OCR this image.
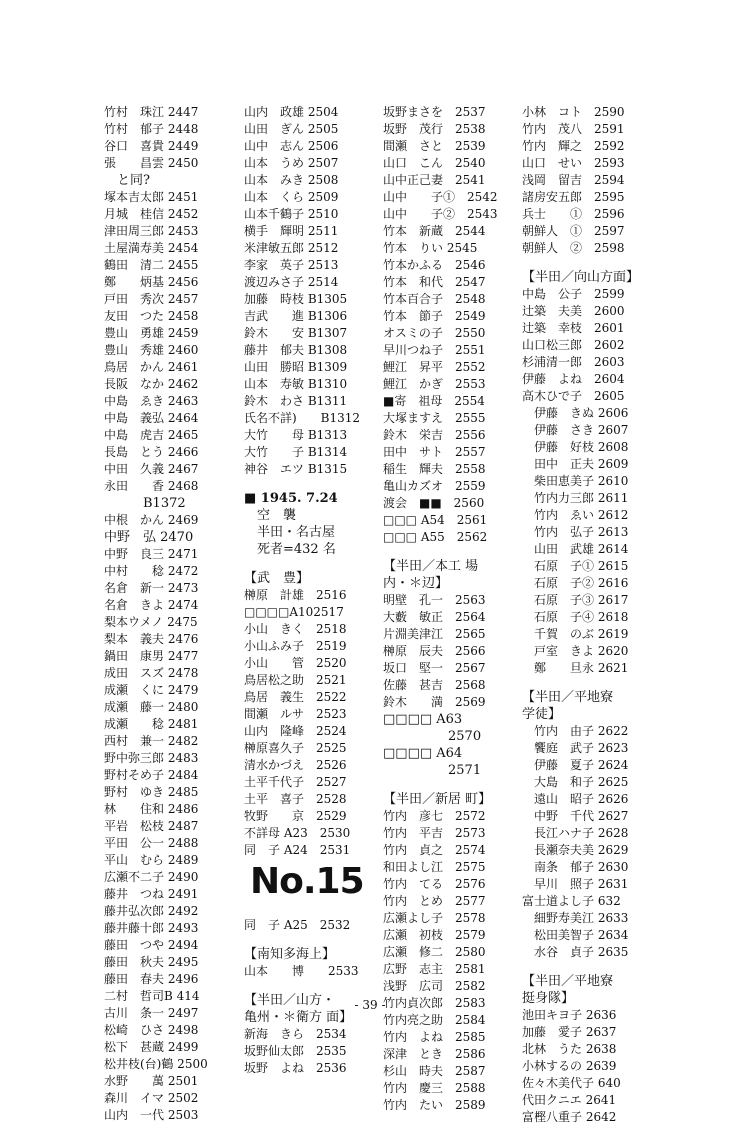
竹村　珠江 2447
竹村　郁子 2448
谷口　喜貴 2449
張　　昌雲 2450
　と同?
塚本吉太郎 2451
月城　桂信 2452
津田周三郎 2453
土屋満寿美 2454
鶴田　清二 2455
鄭　　炳基 2456
戸田　秀次 2457
友田　つた 2458
豊山　勇雄 2459
豊山　秀雄 2460
鳥居　かん 2461
長阪　なか 2462
中島　ゑき 2463
中島　義弘 2464
中島　虎吉 2465
長島　とう 2466
中田　久義 2467
永田　　香 2468
　　　B1372
中根　かん 2469
中野　弘 2470
中野　良三 2471
中村　　稔 2472
名倉　新一 2473
名倉　きよ 2474
梨本ウメノ 2475
梨本　義夫 2476
鍋田　康男 2477
成田　スズ 2478
成瀬　くに 2479
成瀬　藤一 2480
成瀬　　稔 2481
西村　兼一 2482
野中弥三郎 2483
野村そめ子 2484
野村　ゆき 2485
林　　住和 2486
平岩　松枝 2487
平田　公一 2488
平山　むら 2489
広瀬不二子 2490
藤井　つね 2491
藤井弘次郎 2492
藤井藤十郎 2493
藤田　つや 2494
藤田　秋夫 2495
藤田　春夫 2496
二村　哲司B 414
古川　条一 2497
松崎　ひさ 2498
松下　甚蔵 2499
松井枝(台)鶴 2500
水野　　萬 2501
森川　イマ 2502
山内　一代 2503
山内　政雄 2504
山田　ぎん 2505
山中　志ん 2506
山本　うめ 2507
山本　みき 2508
山本　くら 2509
山本千鶴子 2510
横手　輝明 2511
米津敏五郎 2512
李家　英子 2513
渡辺みさ子 2514
加藤　時枝 B1305
吉武　　進 B1306
鈴木　　安 B1307
藤井　郁夫 B1308
山田　勝昭 B1309
山本　寿敏 B1310
鈴木　わさ B1311
氏名不詳)　　B1312
大竹　　母 B1313
大竹　　子 B1314
神谷　エツ B1315
■ 1945. 7.24
　空　襲
　半田・名古屋
　死者=432 名
【武　豊】
榊原　計雄　2516
□□□□A102517
小山　きく　2518
小山ふみ子　2519
小山　　管　2520
鳥居松之助　2521
鳥居　義生　2522
間瀬　ルサ　2523
山内　隆峰　2524
榊原喜久子　2525
清水かづえ　2526
土平千代子　2527
土平　喜子　2528
牧野　　京　2529
不詳母 A23　2530
同　子 A24　2531
No.15
同　子 A25　2532
【南知多海上】
山本　　博　　2533
【半田／山方・
亀州・＊衛方 面】
新海　きら　2534
坂野仙太郎　2535
坂野　よね　2536
坂野まさを　2537
坂野　茂行　2538
間瀬　さと　2539
山口　こん　2540
山中正己妻　2541
山中　　子①　2542
山中　　子②　2543
竹本　新蔵　2544
竹本　りい 2545
竹本かふる　2546
竹本　和代　2547
竹本百合子　2548
竹本　節子　2549
オスミの子　2550
早川つね子　2551
鯉江　昇平　2552
鯉江　かぎ　2553
■寄　祖母　2554
大塚ますえ　2555
鈴木　栄吉　2556
田中　サト　2557
稲生　輝夫　2558
亀山カズオ　2559
渡会　■■　2560
□□□ A54　2561
□□□ A55　2562
【半田／本工 場
内・＊辺】
明壁　孔一　2563
大藪　敏正　2564
片淵美津江　2565
榊原　辰夫　2566
坂口　堅一　2567
佐藤　甚吉　2568
鈴木　　満　2569
□□□□ A63
　　　　　2570
□□□□ A64
　　　　　2571
【半田／新居 町】
竹内　彦七　2572
竹内　平吉　2573
竹内　貞之　2574
和田よし江　2575
竹内　てる　2576
竹内　とめ　2577
広瀬よし子　2578
広瀬　初枝　2579
広瀬　修二　2580
広野　志主　2581
浅野　広司　2582
竹内貞次郎　2583
竹内亮之助　2584
竹内　よね　2585
深津　とき　2586
杉山　時夫　2587
竹内　慶三　2588
竹内　たい　2589
小林　コト　2590
竹内　茂八　2591
竹内　輝之　2592
山口　せい　2593
浅岡　留吉　2594
諸房安五郎　2595
兵士　　①　2596
朝鮮人　①　2597
朝鮮人　②　2598
【半田／向山方面】
中島　公子　2599
辻築　夫美　2600
辻築　幸枝　2601
山口松三郎　2602
杉浦清一郎　2603
伊藤　よね　2604
高木ひで子　2605
　伊藤　きぬ 2606
　伊藤　さき 2607
　伊藤　好枝 2608
　田中　正夫 2609
　柴田恵美子 2610
　竹内力三郎 2611
　竹内　ゑい 2612
　竹内　弘子 2613
　山田　武雄 2614
　石原　子① 2615
　石原　子② 2616
　石原　子③ 2617
　石原　子④ 2618
　千賀　のぶ 2619
　戸室　きよ 2620
　鄭　　旦永 2621
【半田／平地寮
学徒】
　竹内　由子 2622
　饗庭　武子 2623
　伊藤　夏子 2624
　大島　和子 2625
　遠山　昭子 2626
　中野　千代 2627
　長江ハナ子 2628
　長瀬奈夫美 2629
　南条　郁子 2630
　早川　照子 2631
富士道よし子 632
　細野寿美江 2633
　松田美智子 2634
　水谷　貞子 2635
【半田／平地寮
挺身隊】
池田キヨ子 2636
加藤　愛子 2637
北林　うた 2638
小林するの 2639
佐々木美代子 640
代田クニエ 2641
富樫八重子 2642
- 39 -
